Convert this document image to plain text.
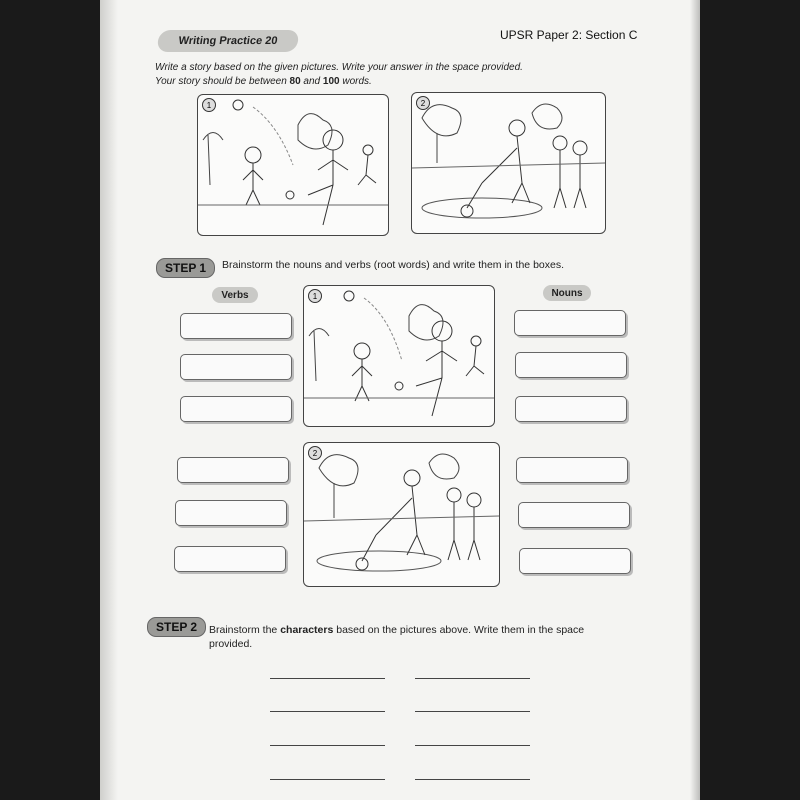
Writing Practice 20	UPSR Paper 2: Section C
Write a story based on the given pictures. Write your answer in the space provided.
Your story should be between 80 and 100 words.
1	2
STEP 1 Brainstorm the nouns and verbs (root words) and write them in the boxes.
Verbs	Nouns
1
2
STEP 2 Brainstorm the characters based on the pictures above. Write them in the space
provided.
